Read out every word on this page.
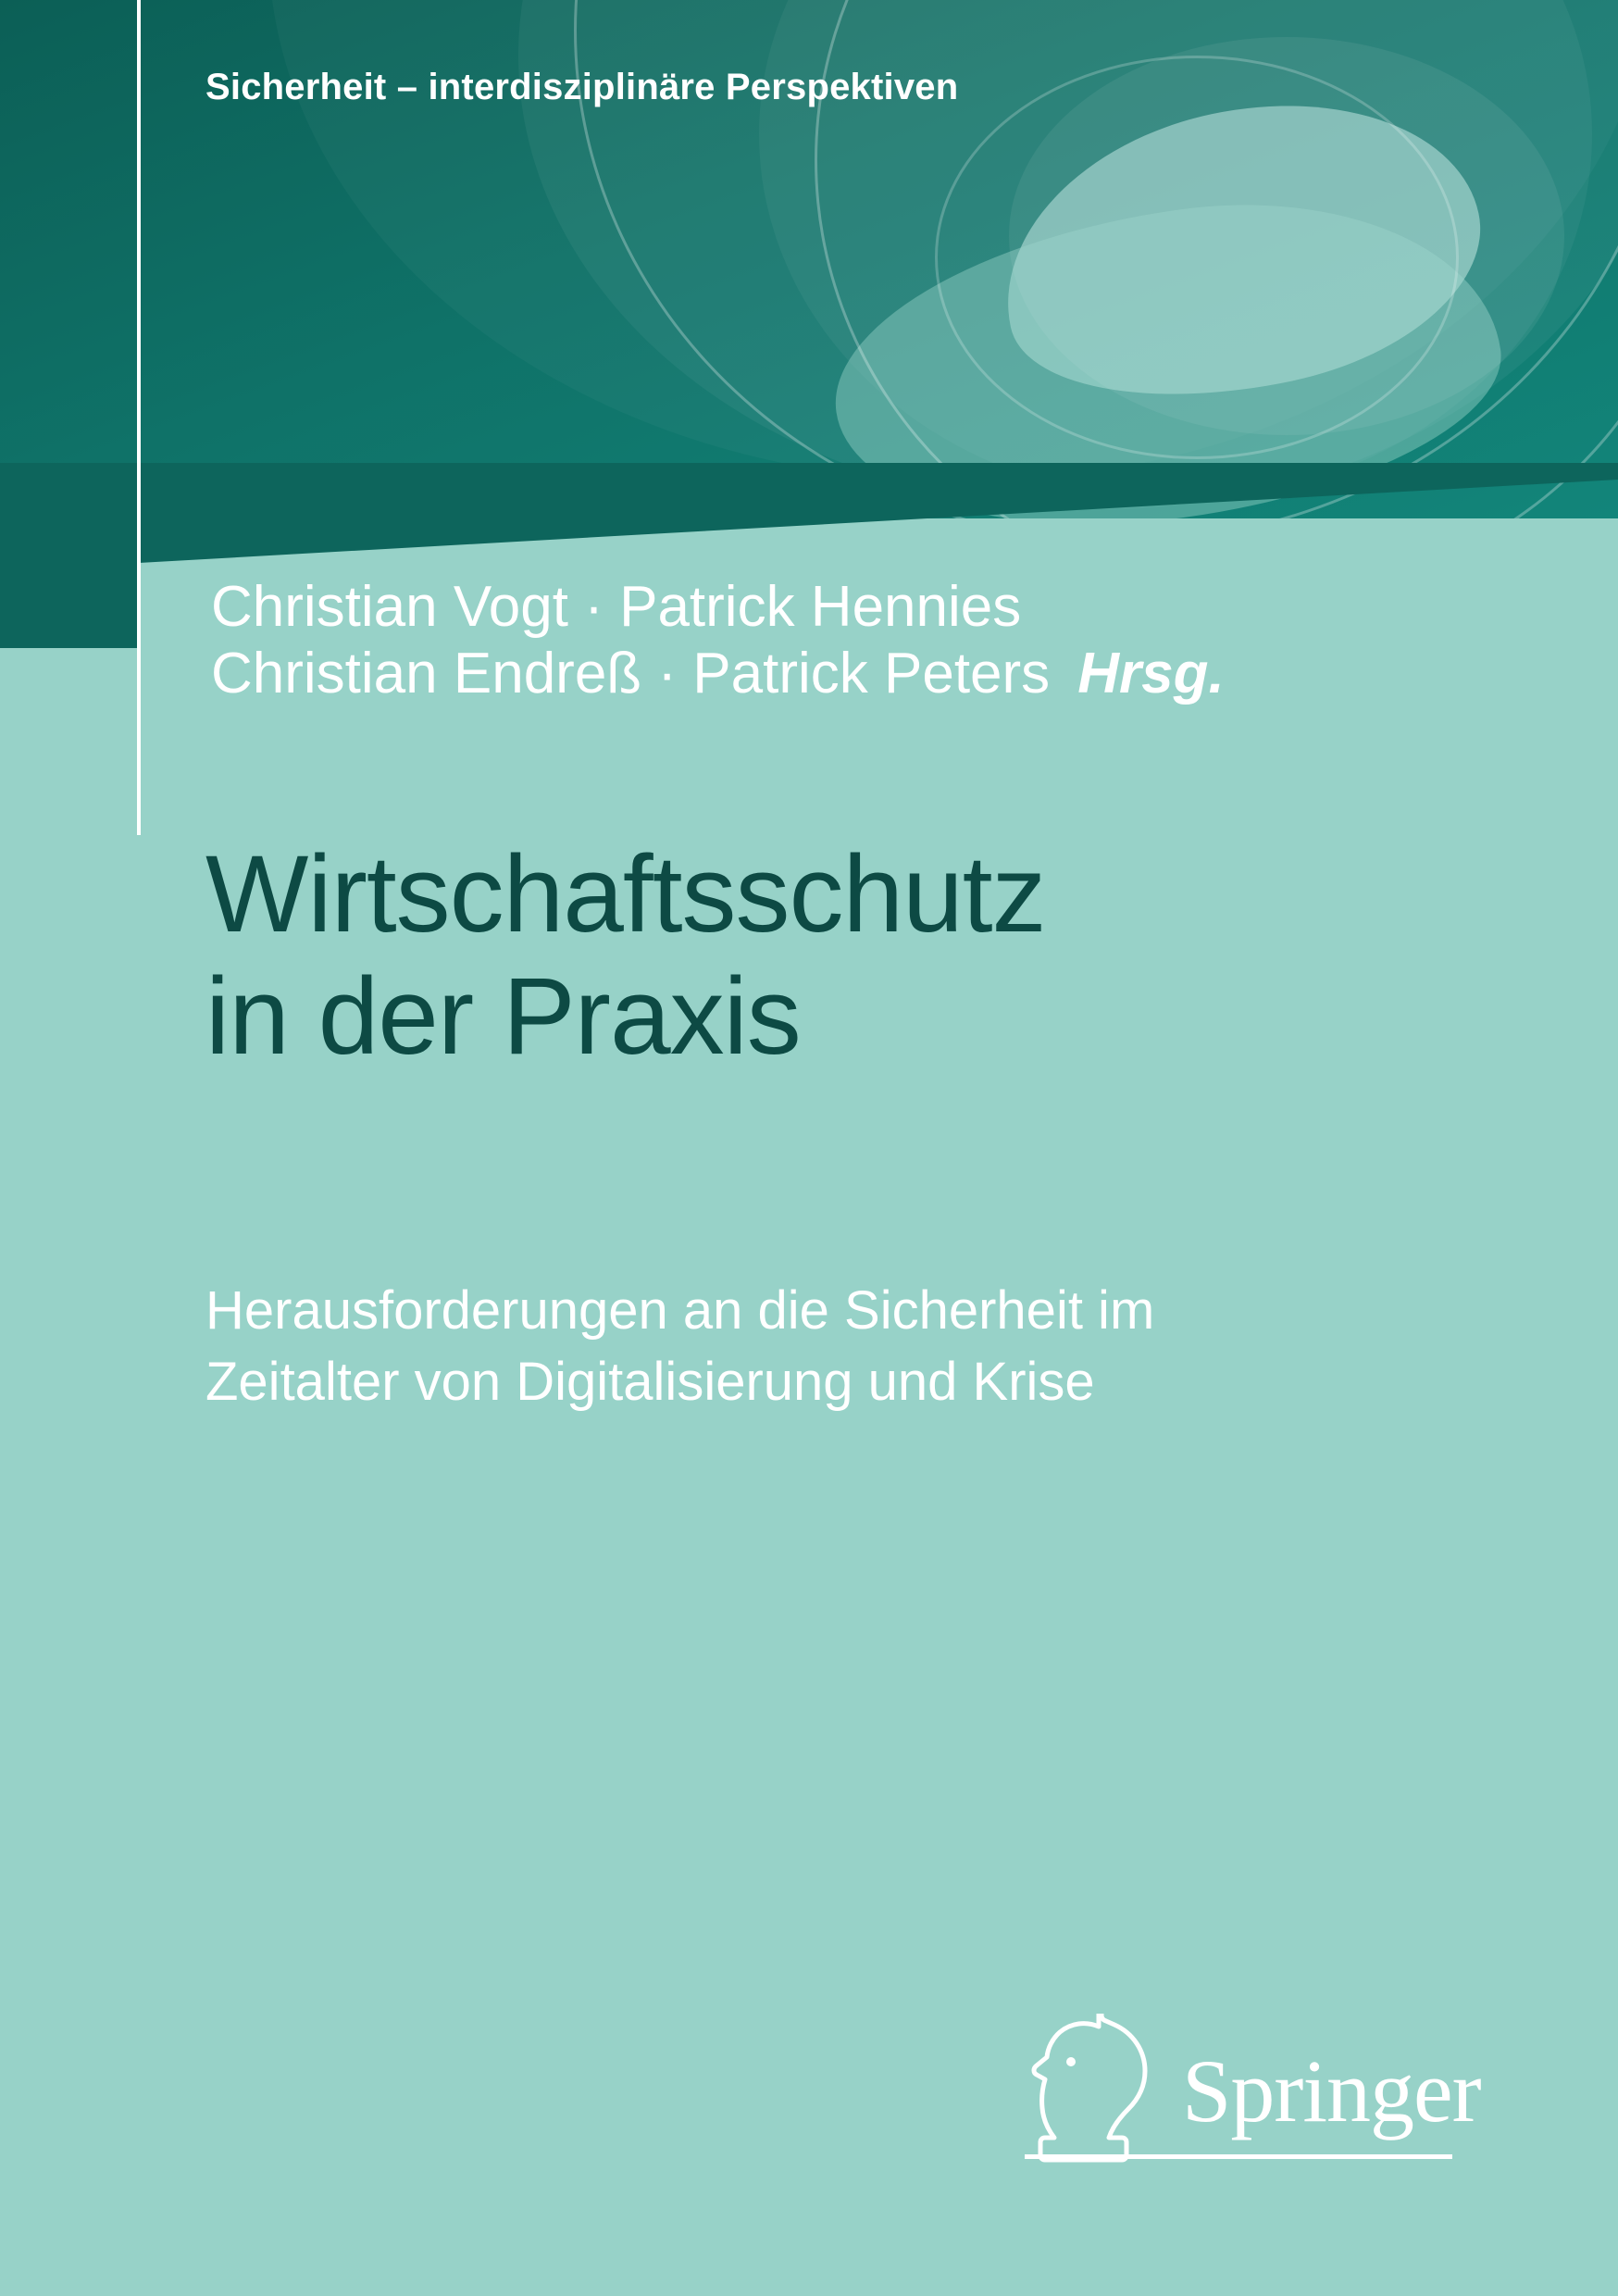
Sicherheit – interdisziplinäre Perspektiven
Christian Vogt · Patrick Hennies
Christian Endreß · Patrick Peters Hrsg.
Wirtschaftsschutz
in der Praxis
Herausforderungen an die Sicherheit im
Zeitalter von Digitalisierung und Krise
Springer
